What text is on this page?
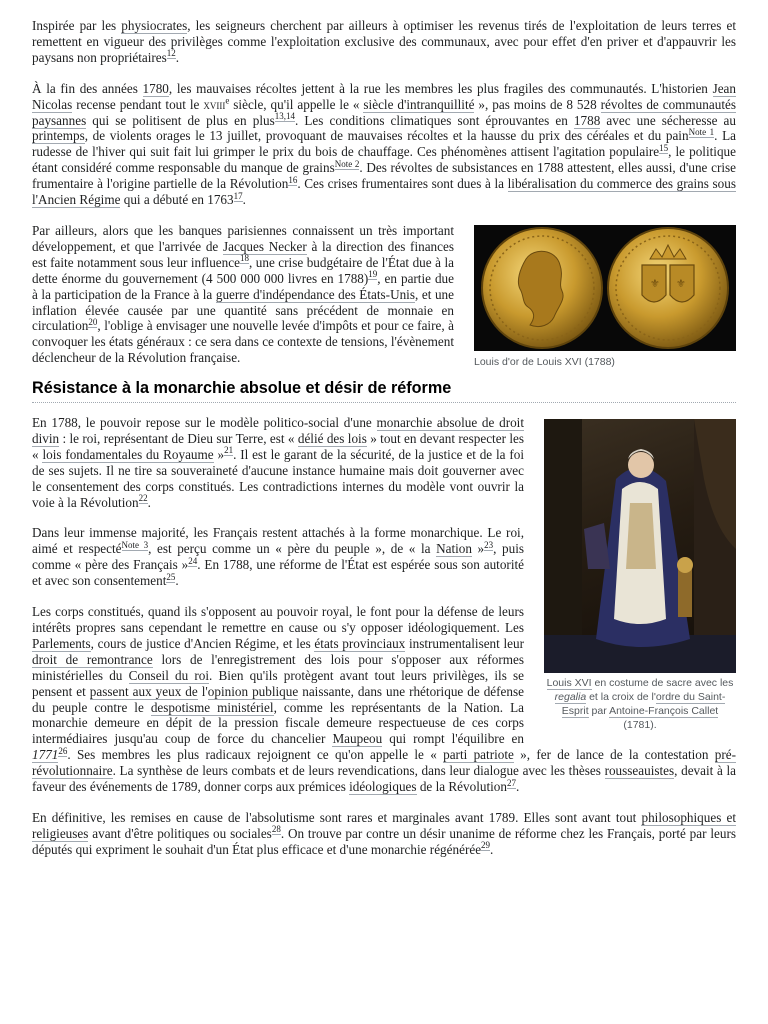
Inspirée par les physiocrates, les seigneurs cherchent par ailleurs à optimiser les revenus tirés de l'exploitation de leurs terres et remettent en vigueur des privilèges comme l'exploitation exclusive des communaux, avec pour effet d'en priver et d'appauvrir les paysans non propriétaires$^{12}$.

À la fin des années 1780, les mauvaises récoltes jettent à la rue les membres les plus fragiles des communautés. L'historien Jean Nicolas recense pendant tout le xviii$^e$ siècle, qu'il appelle le « siècle d'intranquillité », pas moins de 8 528 révoltes de communautés paysannes qui se politisent de plus en plus$^{13,14}$. Les conditions climatiques sont éprouvantes en 1788 avec une sécheresse au printemps, de violents orages le 13 juillet, provoquant de mauvaises récoltes et la hausse du prix des céréales et du pain$^{Note 1}$. La rudesse de l'hiver qui suit fait lui grimper le prix du bois de chauffage. Ces phénomènes attisent l'agitation populaire$^{15}$, le politique étant considéré comme responsable du manque de grains$^{Note 2}$. Des révoltes de subsistances en 1788 attestent, elles aussi, d'une crise frumentaire à l'origine partielle de la Révolution$^{16}$. Ces crises frumentaires sont dues à la libéralisation du commerce des grains sous l'Ancien Régime qui a débuté en 1763$^{17}$.

⚜ ⚜
Louis d'or de Louis XVI (1788)

Par ailleurs, alors que les banques parisiennes connaissent un très important développement, et que l'arrivée de Jacques Necker à la direction des finances est faite notamment sous leur influence$^{18}$, une crise budgétaire de l'État due à la dette énorme du gouvernement (4 500 000 000 livres en 1788)$^{19}$, en partie due à la participation de la France à la guerre d'indépendance des États-Unis, et une inflation élevée causée par une quantité sans précédent de monnaie en circulation$^{20}$, l'oblige à envisager une nouvelle levée d'impôts et pour ce faire, à convoquer les états généraux : ce sera dans ce contexte de tensions, l'évènement déclencheur de la Révolution française.

Résistance à la monarchie absolue et désir de réforme
Louis XVI en costume de sacre avec les regalia et la croix de l'ordre du Saint-Esprit par Antoine-François Callet (1781).

En 1788, le pouvoir repose sur le modèle politico-social d'une monarchie absolue de droit divin : le roi, représentant de Dieu sur Terre, est « délié des lois » tout en devant respecter les « lois fondamentales du Royaume »$^{21}$. Il est le garant de la sécurité, de la justice et de la foi de ses sujets. Il ne tire sa souveraineté d'aucune instance humaine mais doit gouverner avec le consentement des corps constitués. Les contradictions internes du modèle vont ouvrir la voie à la Révolution$^{22}$.

Dans leur immense majorité, les Français restent attachés à la forme monarchique. Le roi, aimé et respecté$^{Note 3}$, est perçu comme un « père du peuple », de « la Nation »$^{23}$, puis comme « père des Français »$^{24}$. En 1788, une réforme de l'État est espérée sous son autorité et avec son consentement$^{25}$.

Les corps constitués, quand ils s'opposent au pouvoir royal, le font pour la défense de leurs intérêts propres sans cependant le remettre en cause ou s'y opposer idéologiquement. Les Parlements, cours de justice d'Ancien Régime, et les états provinciaux instrumentalisent leur droit de remontrance lors de l'enregistrement des lois pour s'opposer aux réformes ministérielles du Conseil du roi. Bien qu'ils protègent avant tout leurs privilèges, ils se pensent et passent aux yeux de l'opinion publique naissante, dans une rhétorique de défense du peuple contre le despotisme ministériel, comme les représentants de la Nation. La monarchie demeure en dépit de la pression fiscale demeure respectueuse de ces corps intermédiaires jusqu'au coup de force du chancelier Maupeou qui rompt l'équilibre en 1771$^{26}$. Ses membres les plus radicaux rejoignent ce qu'on appelle le « parti patriote », fer de lance de la contestation pré-révolutionnaire. La synthèse de leurs combats et de leurs revendications, dans leur dialogue avec les thèses rousseauistes, devait à la faveur des événements de 1789, donner corps aux prémices idéologiques de la Révolution$^{27}$.

En définitive, les remises en cause de l'absolutisme sont rares et marginales avant 1789. Elles sont avant tout philosophiques et religieuses avant d'être politiques ou sociales$^{28}$. On trouve par contre un désir unanime de réforme chez les Français, porté par leurs députés qui expriment le souhait d'un État plus efficace et d'une monarchie régénérée$^{29}$.
